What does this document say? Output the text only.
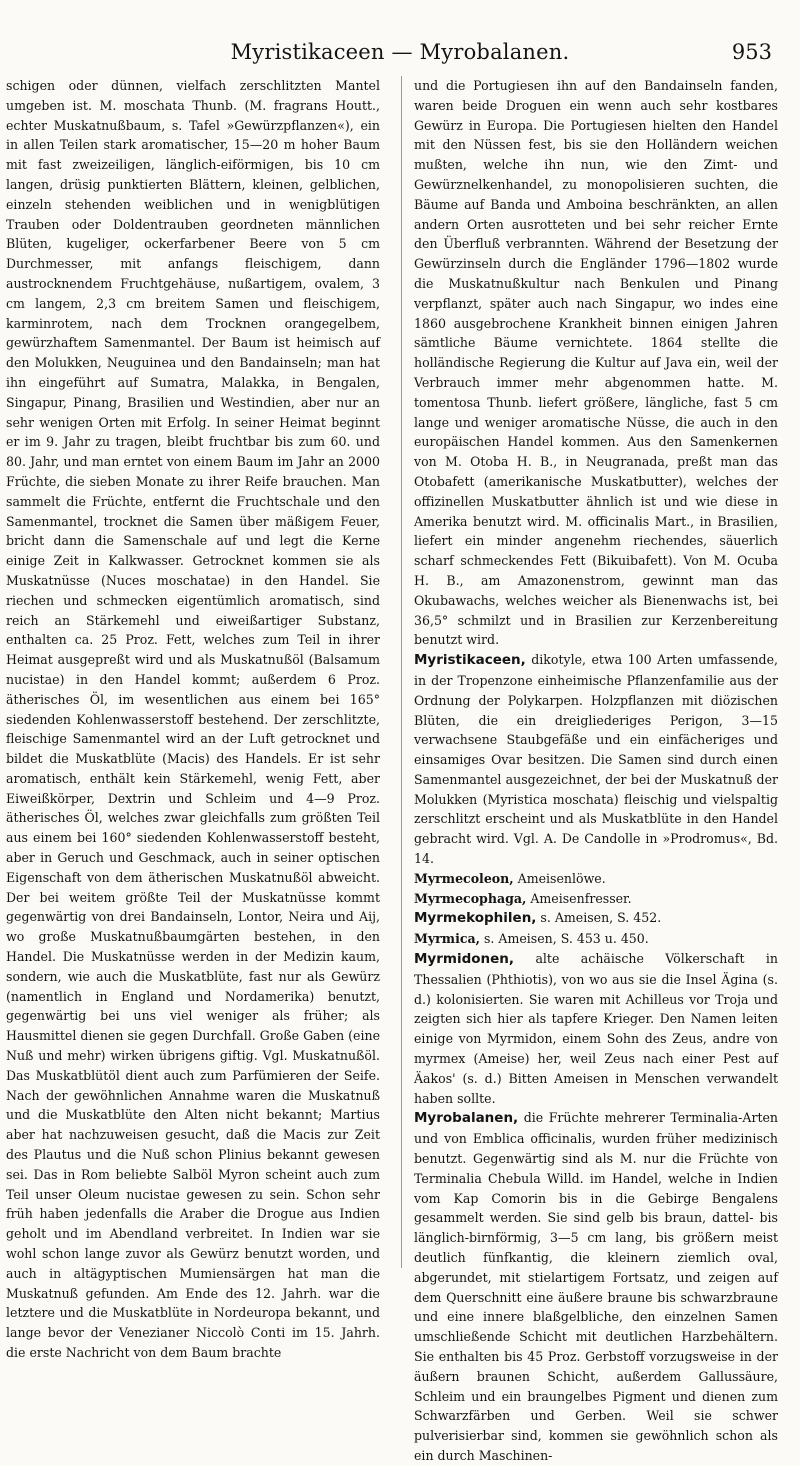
Myristikaceen — Myrobalanen.	953

schigen oder dünnen, vielfach zerschlitzten Mantel umgeben ist. M. moschata Thunb. (M. fragrans Houtt., echter Muskatnußbaum, s. Tafel »Gewürzpflanzen«), ein in allen Teilen stark aromatischer, 15—20 m hoher Baum mit fast zweizeiligen, länglich-eiförmigen, bis 10 cm langen, drüsig punktierten Blättern, kleinen, gelblichen, einzeln stehenden weiblichen und in wenigblütigen Trauben oder Doldentrauben geordneten männlichen Blüten, kugeliger, ockerfarbener Beere von 5 cm Durchmesser, mit anfangs fleischigem, dann austrocknendem Fruchtgehäuse, nußartigem, ovalem, 3 cm langem, 2,3 cm breitem Samen und fleischigem, karminrotem, nach dem Trocknen orangegelbem, gewürzhaftem Samenmantel. Der Baum ist heimisch auf den Molukken, Neuguinea und den Bandainseln; man hat ihn eingeführt auf Sumatra, Malakka, in Bengalen, Singapur, Pinang, Brasilien und Westindien, aber nur an sehr wenigen Orten mit Erfolg. In seiner Heimat beginnt er im 9. Jahr zu tragen, bleibt fruchtbar bis zum 60. und 80. Jahr, und man erntet von einem Baum im Jahr an 2000 Früchte, die sieben Monate zu ihrer Reife brauchen. Man sammelt die Früchte, entfernt die Fruchtschale und den Samenmantel, trocknet die Samen über mäßigem Feuer, bricht dann die Samenschale auf und legt die Kerne einige Zeit in Kalkwasser. Getrocknet kommen sie als Muskatnüsse (Nuces moschatae) in den Handel. Sie riechen und schmecken eigentümlich aromatisch, sind reich an Stärkemehl und eiweißartiger Substanz, enthalten ca. 25 Proz. Fett, welches zum Teil in ihrer Heimat ausgepreßt wird und als Muskatnußöl (Balsamum nucistae) in den Handel kommt; außerdem 6 Proz. ätherisches Öl, im wesentlichen aus einem bei 165° siedenden Kohlenwasserstoff bestehend. Der zerschlitzte, fleischige Samenmantel wird an der Luft getrocknet und bildet die Muskatblüte (Macis) des Handels. Er ist sehr aromatisch, enthält kein Stärkemehl, wenig Fett, aber Eiweißkörper, Dextrin und Schleim und 4—9 Proz. ätherisches Öl, welches zwar gleichfalls zum größten Teil aus einem bei 160° siedenden Kohlenwasserstoff besteht, aber in Geruch und Geschmack, auch in seiner optischen Eigenschaft von dem ätherischen Muskatnußöl abweicht. Der bei weitem größte Teil der Muskatnüsse kommt gegenwärtig von drei Bandainseln, Lontor, Neira und Aij, wo große Muskatnußbaumgärten bestehen, in den Handel. Die Muskatnüsse werden in der Medizin kaum, sondern, wie auch die Muskatblüte, fast nur als Gewürz (namentlich in England und Nordamerika) benutzt, gegenwärtig bei uns viel weniger als früher; als Hausmittel dienen sie gegen Durchfall. Große Gaben (eine Nuß und mehr) wirken übrigens giftig. Vgl. Muskatnußöl. Das Muskatblütöl dient auch zum Parfümieren der Seife. Nach der gewöhnlichen Annahme waren die Muskatnuß und die Muskatblüte den Alten nicht bekannt; Martius aber hat nachzuweisen gesucht, daß die Macis zur Zeit des Plautus und die Nuß schon Plinius bekannt gewesen sei. Das in Rom beliebte Salböl Myron scheint auch zum Teil unser Oleum nucistae gewesen zu sein. Schon sehr früh haben jedenfalls die Araber die Drogue aus Indien geholt und im Abendland verbreitet. In Indien war sie wohl schon lange zuvor als Gewürz benutzt worden, und auch in altägyptischen Mumiensärgen hat man die Muskatnuß gefunden. Am Ende des 12. Jahrh. war die letztere und die Muskatblüte in Nordeuropa bekannt, und lange bevor der Venezianer Niccolò Conti im 15. Jahrh. die erste Nachricht von dem Baum brachte

und die Portugiesen ihn auf den Bandainseln fanden, waren beide Droguen ein wenn auch sehr kostbares Gewürz in Europa. Die Portugiesen hielten den Handel mit den Nüssen fest, bis sie den Holländern weichen mußten, welche ihn nun, wie den Zimt- und Gewürznelkenhandel, zu monopolisieren suchten, die Bäume auf Banda und Amboina beschränkten, an allen andern Orten ausrotteten und bei sehr reicher Ernte den Überfluß verbrannten. Während der Besetzung der Gewürzinseln durch die Engländer 1796—1802 wurde die Muskatnußkultur nach Benkulen und Pinang verpflanzt, später auch nach Singapur, wo indes eine 1860 ausgebrochene Krankheit binnen einigen Jahren sämtliche Bäume vernichtete. 1864 stellte die holländische Regierung die Kultur auf Java ein, weil der Verbrauch immer mehr abgenommen hatte. M. tomentosa Thunb. liefert größere, längliche, fast 5 cm lange und weniger aromatische Nüsse, die auch in den europäischen Handel kommen. Aus den Samenkernen von M. Otoba H. B., in Neugranada, preßt man das Otobafett (amerikanische Muskatbutter), welches der offizinellen Muskatbutter ähnlich ist und wie diese in Amerika benutzt wird. M. officinalis Mart., in Brasilien, liefert ein minder angenehm riechendes, säuerlich scharf schmeckendes Fett (Bikuibafett). Von M. Ocuba H. B., am Amazonenstrom, gewinnt man das Okubawachs, welches weicher als Bienenwachs ist, bei 36,5° schmilzt und in Brasilien zur Kerzenbereitung benutzt wird.

Myristikaceen, dikotyle, etwa 100 Arten umfassende, in der Tropenzone einheimische Pflanzenfamilie aus der Ordnung der Polykarpen. Holzpflanzen mit diözischen Blüten, die ein dreigliederiges Perigon, 3—15 verwachsene Staubgefäße und ein einfächeriges und einsamiges Ovar besitzen. Die Samen sind durch einen Samenmantel ausgezeichnet, der bei der Muskatnuß der Molukken (Myristica moschata) fleischig und vielspaltig zerschlitzt erscheint und als Muskatblüte in den Handel gebracht wird. Vgl. A. De Candolle in »Prodromus«, Bd. 14.

Myrmecoleon, Ameisenlöwe.

Myrmecophaga, Ameisenfresser.

Myrmekophilen, s. Ameisen, S. 452.

Myrmica, s. Ameisen, S. 453 u. 450.

Myrmidonen, alte achäische Völkerschaft in Thessalien (Phthiotis), von wo aus sie die Insel Ägina (s. d.) kolonisierten. Sie waren mit Achilleus vor Troja und zeigten sich hier als tapfere Krieger. Den Namen leiten einige von Myrmidon, einem Sohn des Zeus, andre von myrmex (Ameise) her, weil Zeus nach einer Pest auf Äakos' (s. d.) Bitten Ameisen in Menschen verwandelt haben sollte.

Myrobalanen, die Früchte mehrerer Terminalia-Arten und von Emblica officinalis, wurden früher medizinisch benutzt. Gegenwärtig sind als M. nur die Früchte von Terminalia Chebula Willd. im Handel, welche in Indien vom Kap Comorin bis in die Gebirge Bengalens gesammelt werden. Sie sind gelb bis braun, dattel- bis länglich-birnförmig, 3—5 cm lang, bis größern meist deutlich fünfkantig, die kleinern ziemlich oval, abgerundet, mit stielartigem Fortsatz, und zeigen auf dem Querschnitt eine äußere braune bis schwarzbraune und eine innere blaßgelbliche, den einzelnen Samen umschließende Schicht mit deutlichen Harzbehältern. Sie enthalten bis 45 Proz. Gerbstoff vorzugsweise in der äußern braunen Schicht, außerdem Gallussäure, Schleim und ein braungelbes Pigment und dienen zum Schwarzfärben und Gerben. Weil sie schwer pulverisierbar sind, kommen sie gewöhnlich schon als ein durch Maschinen-
